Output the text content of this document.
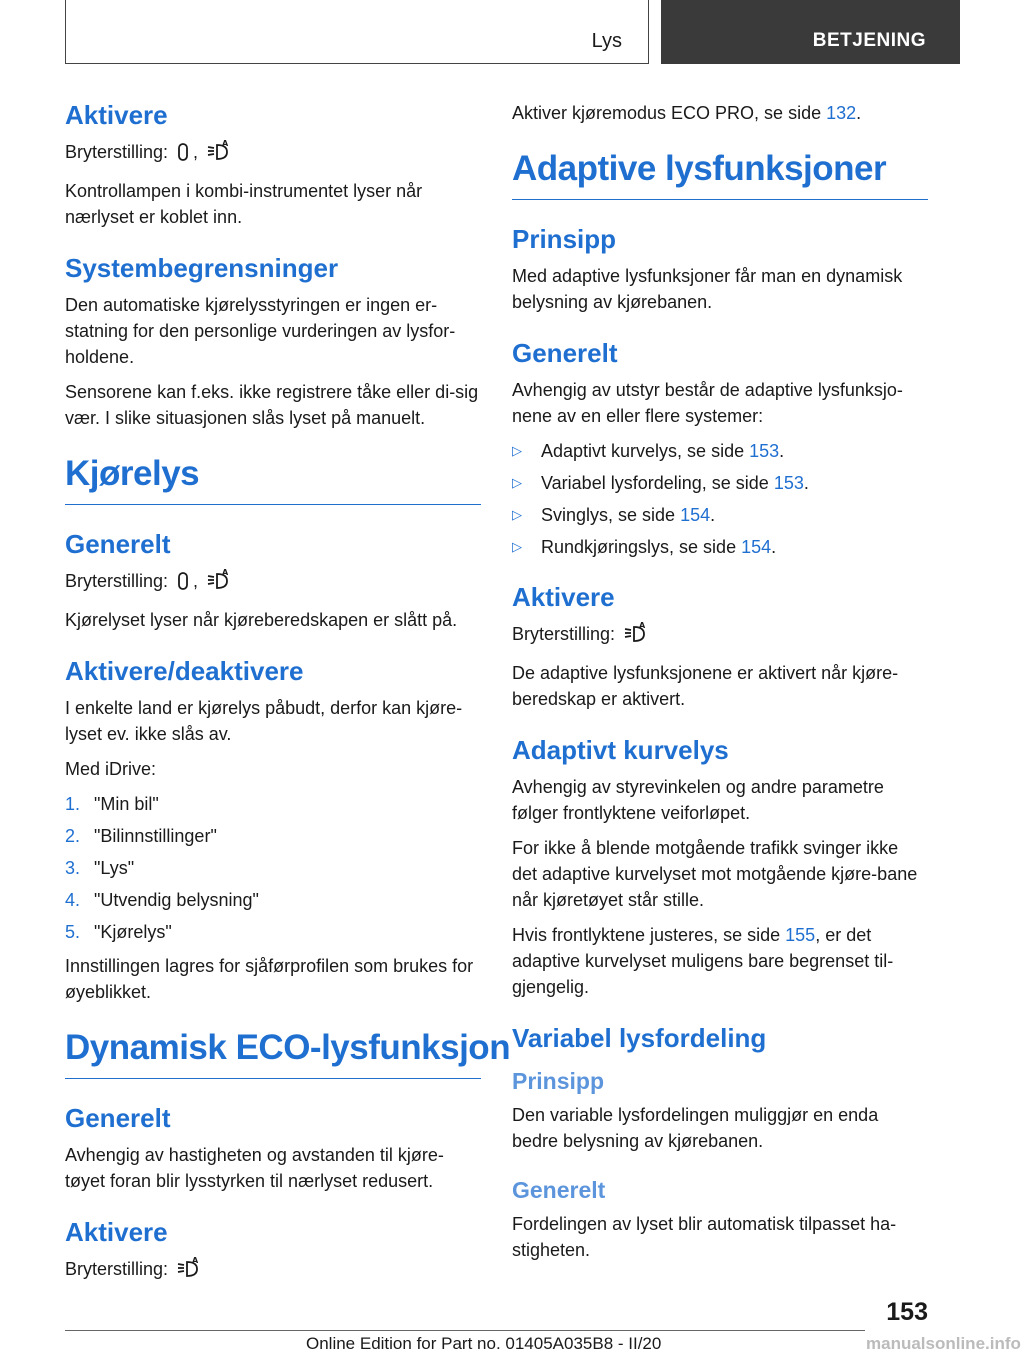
Lys	BETJENING
Aktivere
Bryterstilling: ,	A
Kontrollampen i kombi-instrumentet lyser når nærlyset er koblet inn.
Systembegrensninger
Den automatiske kjørelysstyringen er ingen er-statning for den personlige vurderingen av lysfor-holdene.
Sensorene kan f.eks. ikke registrere tåke eller di-sig vær. I slike situasjonen slås lyset på manuelt.
Kjørelys
Generelt
Bryterstilling: ,	A
Kjørelyset lyser når kjøreberedskapen er slått på.
Aktivere/deaktivere
I enkelte land er kjørelys påbudt, derfor kan kjøre-lyset ev. ikke slås av.
Med iDrive:
1. "Min bil"
2. "Bilinnstillinger"
3. "Lys"
4. "Utvendig belysning"
5. "Kjørelys"
Innstillingen lagres for sjåførprofilen som brukes for øyeblikket.
Dynamisk ECO-lysfunksjon
Generelt
Avhengig av hastigheten og avstanden til kjøre-tøyet foran blir lysstyrken til nærlyset redusert.
Aktivere
Bryterstilling:	A
Aktiver kjøremodus ECO PRO, se side 132.
Adaptive lysfunksjoner
Prinsipp
Med adaptive lysfunksjoner får man en dynamisk belysning av kjørebanen.
Generelt
Avhengig av utstyr består de adaptive lysfunksjo-nene av en eller flere systemer:
▷ Adaptivt kurvelys, se side 153.
▷ Variabel lysfordeling, se side 153.
▷ Svinglys, se side 154.
▷ Rundkjøringslys, se side 154.
Aktivere
Bryterstilling:	A
De adaptive lysfunksjonene er aktivert når kjøre-beredskap er aktivert.
Adaptivt kurvelys
Avhengig av styrevinkelen og andre parametre følger frontlyktene veiforløpet.
For ikke å blende motgående trafikk svinger ikke det adaptive kurvelyset mot motgående kjøre-bane når kjøretøyet står stille.
Hvis frontlyktene justeres, se side 155, er det adaptive kurvelyset muligens bare begrenset til-gjengelig.
Variabel lysfordeling
Prinsipp
Den variable lysfordelingen muliggjør en enda bedre belysning av kjørebanen.
Generelt
Fordelingen av lyset blir automatisk tilpasset ha-stigheten.
153
Online Edition for Part no. 01405A035B8 - II/20	manualsonline.info
